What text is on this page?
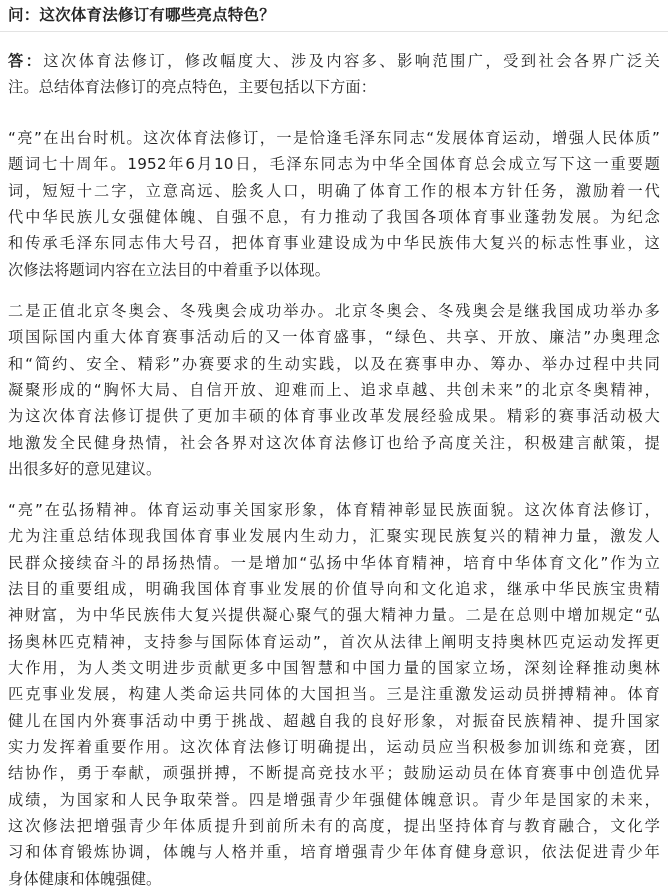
问：这次体育法修订有哪些亮点特色？
答：这次体育法修订，修改幅度大、涉及内容多、影响范围广，受到社会各界广泛关
注。总结体育法修订的亮点特色，主要包括以下方面：
“亮”在出台时机。这次体育法修订，一是恰逢毛泽东同志“发展体育运动，增强人民体质”
题词七十周年。1952年6月10日，毛泽东同志为中华全国体育总会成立写下这一重要题
词，短短十二字，立意高远、脍炙人口，明确了体育工作的根本方针任务，激励着一代
代中华民族儿女强健体魄、自强不息，有力推动了我国各项体育事业蓬勃发展。为纪念
和传承毛泽东同志伟大号召，把体育事业建设成为中华民族伟大复兴的标志性事业，这
次修法将题词内容在立法目的中着重予以体现。
二是正值北京冬奥会、冬残奥会成功举办。北京冬奥会、冬残奥会是继我国成功举办多
项国际国内重大体育赛事活动后的又一体育盛事，“绿色、共享、开放、廉洁”办奥理念
和“简约、安全、精彩”办赛要求的生动实践，以及在赛事申办、筹办、举办过程中共同
凝聚形成的“胸怀大局、自信开放、迎难而上、追求卓越、共创未来”的北京冬奥精神，
为这次体育法修订提供了更加丰硕的体育事业改革发展经验成果。精彩的赛事活动极大
地激发全民健身热情，社会各界对这次体育法修订也给予高度关注，积极建言献策，提
出很多好的意见建议。
“亮”在弘扬精神。体育运动事关国家形象，体育精神彰显民族面貌。这次体育法修订，
尤为注重总结体现我国体育事业发展内生动力，汇聚实现民族复兴的精神力量，激发人
民群众接续奋斗的昂扬热情。一是增加“弘扬中华体育精神，培育中华体育文化”作为立
法目的重要组成，明确我国体育事业发展的价值导向和文化追求，继承中华民族宝贵精
神财富，为中华民族伟大复兴提供凝心聚气的强大精神力量。二是在总则中增加规定“弘
扬奥林匹克精神，支持参与国际体育运动”，首次从法律上阐明支持奥林匹克运动发挥更
大作用，为人类文明进步贡献更多中国智慧和中国力量的国家立场，深刻诠释推动奥林
匹克事业发展，构建人类命运共同体的大国担当。三是注重激发运动员拼搏精神。体育
健儿在国内外赛事活动中勇于挑战、超越自我的良好形象，对振奋民族精神、提升国家
实力发挥着重要作用。这次体育法修订明确提出，运动员应当积极参加训练和竞赛，团
结协作，勇于奉献，顽强拼搏，不断提高竞技水平；鼓励运动员在体育赛事中创造优异
成绩，为国家和人民争取荣誉。四是增强青少年强健体魄意识。青少年是国家的未来，
这次修法把增强青少年体质提升到前所未有的高度，提出坚持体育与教育融合，文化学
习和体育锻炼协调，体魄与人格并重，培育增强青少年体育健身意识，依法促进青少年
身体健康和体魄强健。
